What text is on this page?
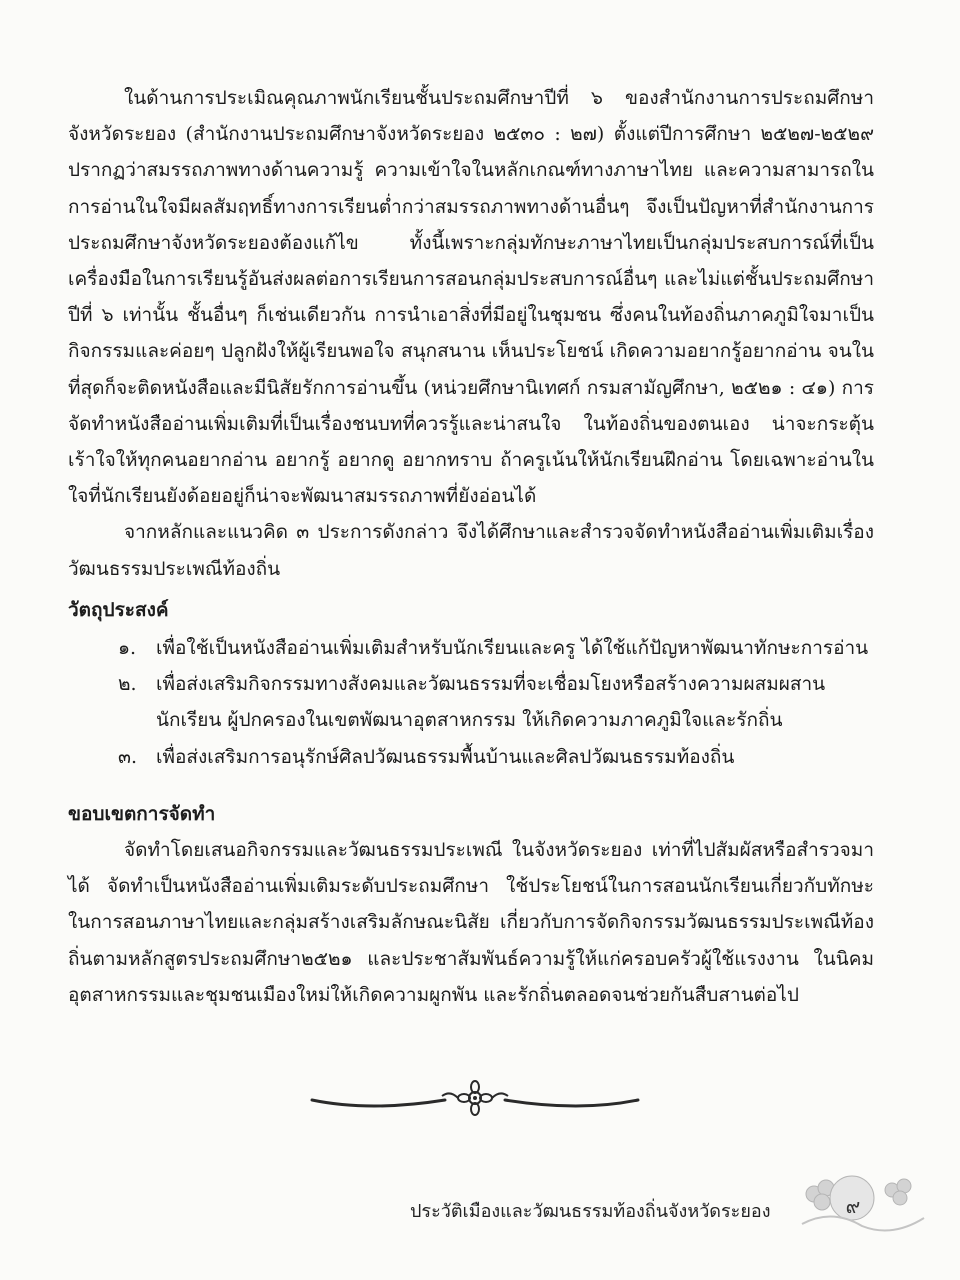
ในด้านการประเมิณคุณภาพนักเรียนชั้นประถมศึกษาปีที่ ๖ ของสำนักงานการประถมศึกษาจังหวัดระยอง (สำนักงานประถมศึกษาจังหวัดระยอง ๒๕๓๐ : ๒๗) ตั้งแต่ปีการศึกษา ๒๕๒๗-๒๕๒๙ ปรากฏว่าสมรรถภาพทางด้านความรู้ ความเข้าใจในหลักเกณฑ์ทางภาษาไทย และความสามารถในการอ่านในใจมีผลสัมฤทธิ์ทางการเรียนต่ำกว่าสมรรถภาพทางด้านอื่นๆ จึงเป็นปัญหาที่สำนักงานการประถมศึกษาจังหวัดระยองต้องแก้ไข ทั้งนี้เพราะกลุ่มทักษะภาษาไทยเป็นกลุ่มประสบการณ์ที่เป็นเครื่องมือในการเรียนรู้อันส่งผลต่อการเรียนการสอนกลุ่มประสบการณ์อื่นๆ และไม่แต่ชั้นประถมศึกษาปีที่ ๖ เท่านั้น ชั้นอื่นๆ ก็เช่นเดียวกัน การนำเอาสิ่งที่มีอยู่ในชุมชน ซึ่งคนในท้องถิ่นภาคภูมิใจมาเป็นกิจกรรมและค่อยๆ ปลูกฝังให้ผู้เรียนพอใจ สนุกสนาน เห็นประโยชน์ เกิดความอยากรู้อยากอ่าน จนในที่สุดก็จะติดหนังสือและมีนิสัยรักการอ่านขึ้น (หน่วยศึกษานิเทศก์ กรมสามัญศึกษา, ๒๕๒๑ : ๔๑) การจัดทำหนังสืออ่านเพิ่มเติมที่เป็นเรื่องชนบทที่ควรรู้และน่าสนใจ ในท้องถิ่นของตนเอง น่าจะกระตุ้นเร้าใจให้ทุกคนอยากอ่าน อยากรู้ อยากดู อยากทราบ ถ้าครูเน้นให้นักเรียนฝึกอ่าน โดยเฉพาะอ่านในใจที่นักเรียนยังด้อยอยู่ก็น่าจะพัฒนาสมรรถภาพที่ยังอ่อนได้

จากหลักและแนวคิด ๓ ประการดังกล่าว จึงได้ศึกษาและสำรวจจัดทำหนังสืออ่านเพิ่มเติมเรื่องวัฒนธรรมประเพณีท้องถิ่น

วัตถุประสงค์
๑.	เพื่อใช้เป็นหนังสืออ่านเพิ่มเติมสำหรับนักเรียนและครู ได้ใช้แก้ปัญหาพัฒนาทักษะการอ่าน
๒.	เพื่อส่งเสริมกิจกรรมทางสังคมและวัฒนธรรมที่จะเชื่อมโยงหรือสร้างความผสมผสานนักเรียน ผู้ปกครองในเขตพัฒนาอุตสาหกรรม ให้เกิดความภาคภูมิใจและรักถิ่น
๓. เพื่อส่งเสริมการอนุรักษ์ศิลปวัฒนธรรมพื้นบ้านและศิลปวัฒนธรรมท้องถิ่น
ขอบเขตการจัดทำ

จัดทำโดยเสนอกิจกรรมและวัฒนธรรมประเพณี ในจังหวัดระยอง เท่าที่ไปสัมผัสหรือสำรวจมาได้ จัดทำเป็นหนังสืออ่านเพิ่มเติมระดับประถมศึกษา ใช้ประโยชน์ในการสอนนักเรียนเกี่ยวกับทักษะในการสอนภาษาไทยและกลุ่มสร้างเสริมลักษณะนิสัย เกี่ยวกับการจัดกิจกรรมวัฒนธรรมประเพณีท้องถิ่นตามหลักสูตรประถมศึกษา๒๕๒๑ และประชาสัมพันธ์ความรู้ให้แก่ครอบครัวผู้ใช้แรงงาน ในนิคมอุตสาหกรรมและชุมชนเมืองใหม่ให้เกิดความผูกพัน และรักถิ่นตลอดจนช่วยกันสืบสานต่อไป

๙
ประวัติเมืองและวัฒนธรรมท้องถิ่นจังหวัดระยอง
